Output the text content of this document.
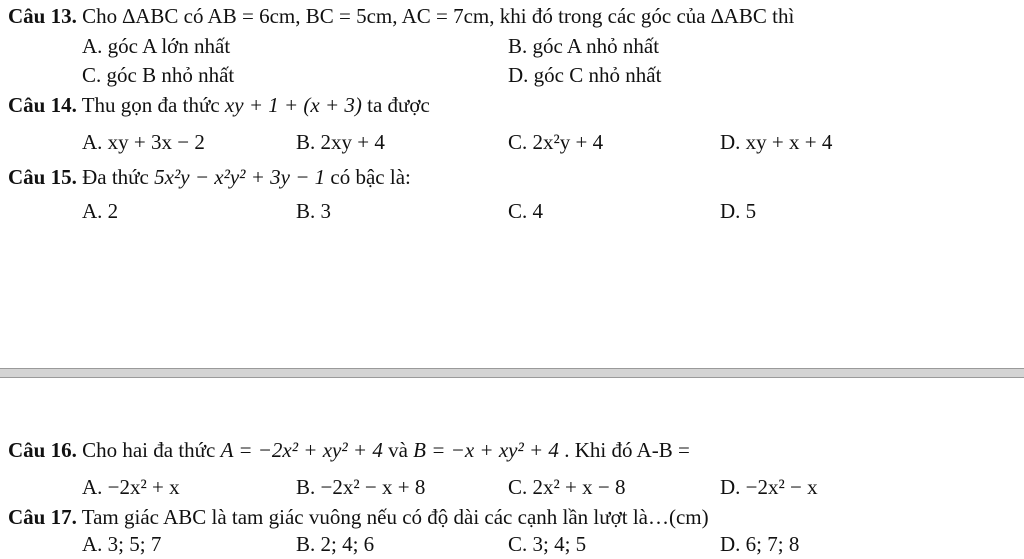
Câu 13. Cho ∆ABC có AB = 6cm, BC = 5cm, AC = 7cm, khi đó trong các góc của ∆ABC thì
A. góc A lớn nhất	B. góc A nhỏ nhất
C. góc B nhỏ nhất	D. góc C nhỏ nhất
Câu 14. Thu gọn đa thức xy + 1 + (x + 3) ta được
A. xy + 3x − 2	B. 2xy + 4	C. 2x²y + 4	D. xy + x + 4
Câu 15. Đa thức 5x²y − x²y² + 3y − 1 có bậc là:
A. 2	B. 3	C. 4	D. 5
Câu 16. Cho hai đa thức A = −2x² + xy² + 4 và B = −x + xy² + 4 . Khi đó A-B =
A. −2x² + x	B. −2x² − x + 8	C. 2x² + x − 8	D. −2x² − x
Câu 17. Tam giác ABC là tam giác vuông nếu có độ dài các cạnh lần lượt là…(cm)
A. 3; 5; 7	B. 2; 4; 6	C. 3; 4; 5	D. 6; 7; 8
